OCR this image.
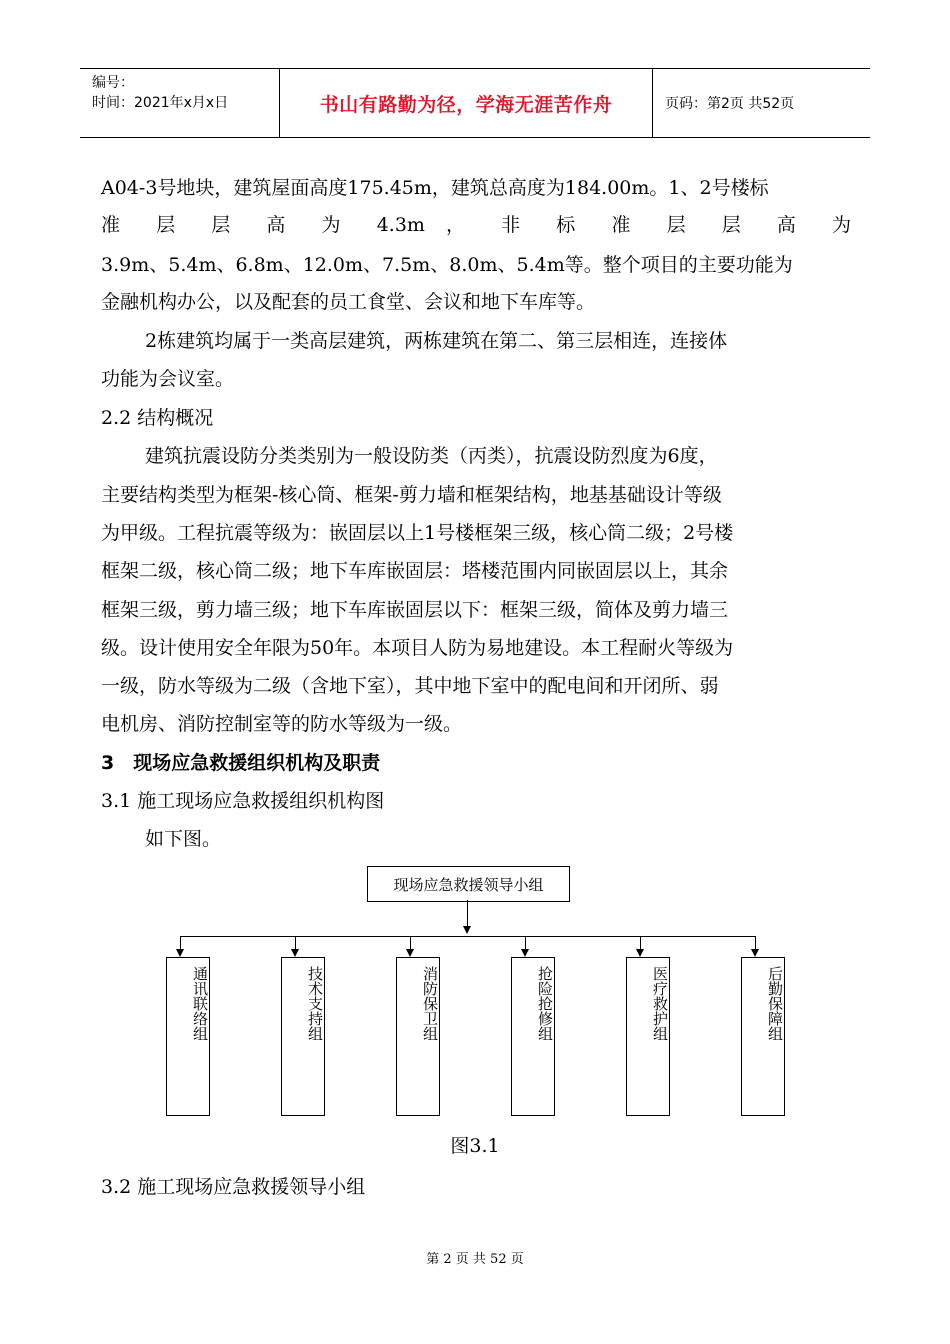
编号：
时间：2021年x月x日	书山有路勤为径，学海无涯苦作舟	页码：第2页 共52页
A04-3号地块，建筑屋面高度175.45m，建筑总高度为184.00m。1、2号楼标
准 层 层 高 为 4.3m ， 非 标 准 层 层 高 为
3.9m、5.4m、6.8m、12.0m、7.5m、8.0m、5.4m等。整个项目的主要功能为
金融机构办公，以及配套的员工食堂、会议和地下车库等。
2栋建筑均属于一类高层建筑，两栋建筑在第二、第三层相连，连接体
功能为会议室。
2.2 结构概况
建筑抗震设防分类类别为一般设防类（丙类），抗震设防烈度为6度，
主要结构类型为框架-核心筒、框架-剪力墙和框架结构，地基基础设计等级
为甲级。工程抗震等级为：嵌固层以上1号楼框架三级，核心筒二级；2号楼
框架二级，核心筒二级；地下车库嵌固层：塔楼范围内同嵌固层以上，其余
框架三级，剪力墙三级；地下车库嵌固层以下：框架三级，简体及剪力墙三
级。设计使用安全年限为50年。本项目人防为易地建设。本工程耐火等级为
一级，防水等级为二级（含地下室），其中地下室中的配电间和开闭所、弱
电机房、消防控制室等的防水等级为一级。
3　现场应急救援组织机构及职责
3.1 施工现场应急救援组织机构图
如下图。
现场应急救援领导小组
通讯联络组	技术支持组	消防保卫组	抢险抢修组	医疗救护组	后勤保障组
图3.1
3.2 施工现场应急救援领导小组
第 2 页 共 52 页
